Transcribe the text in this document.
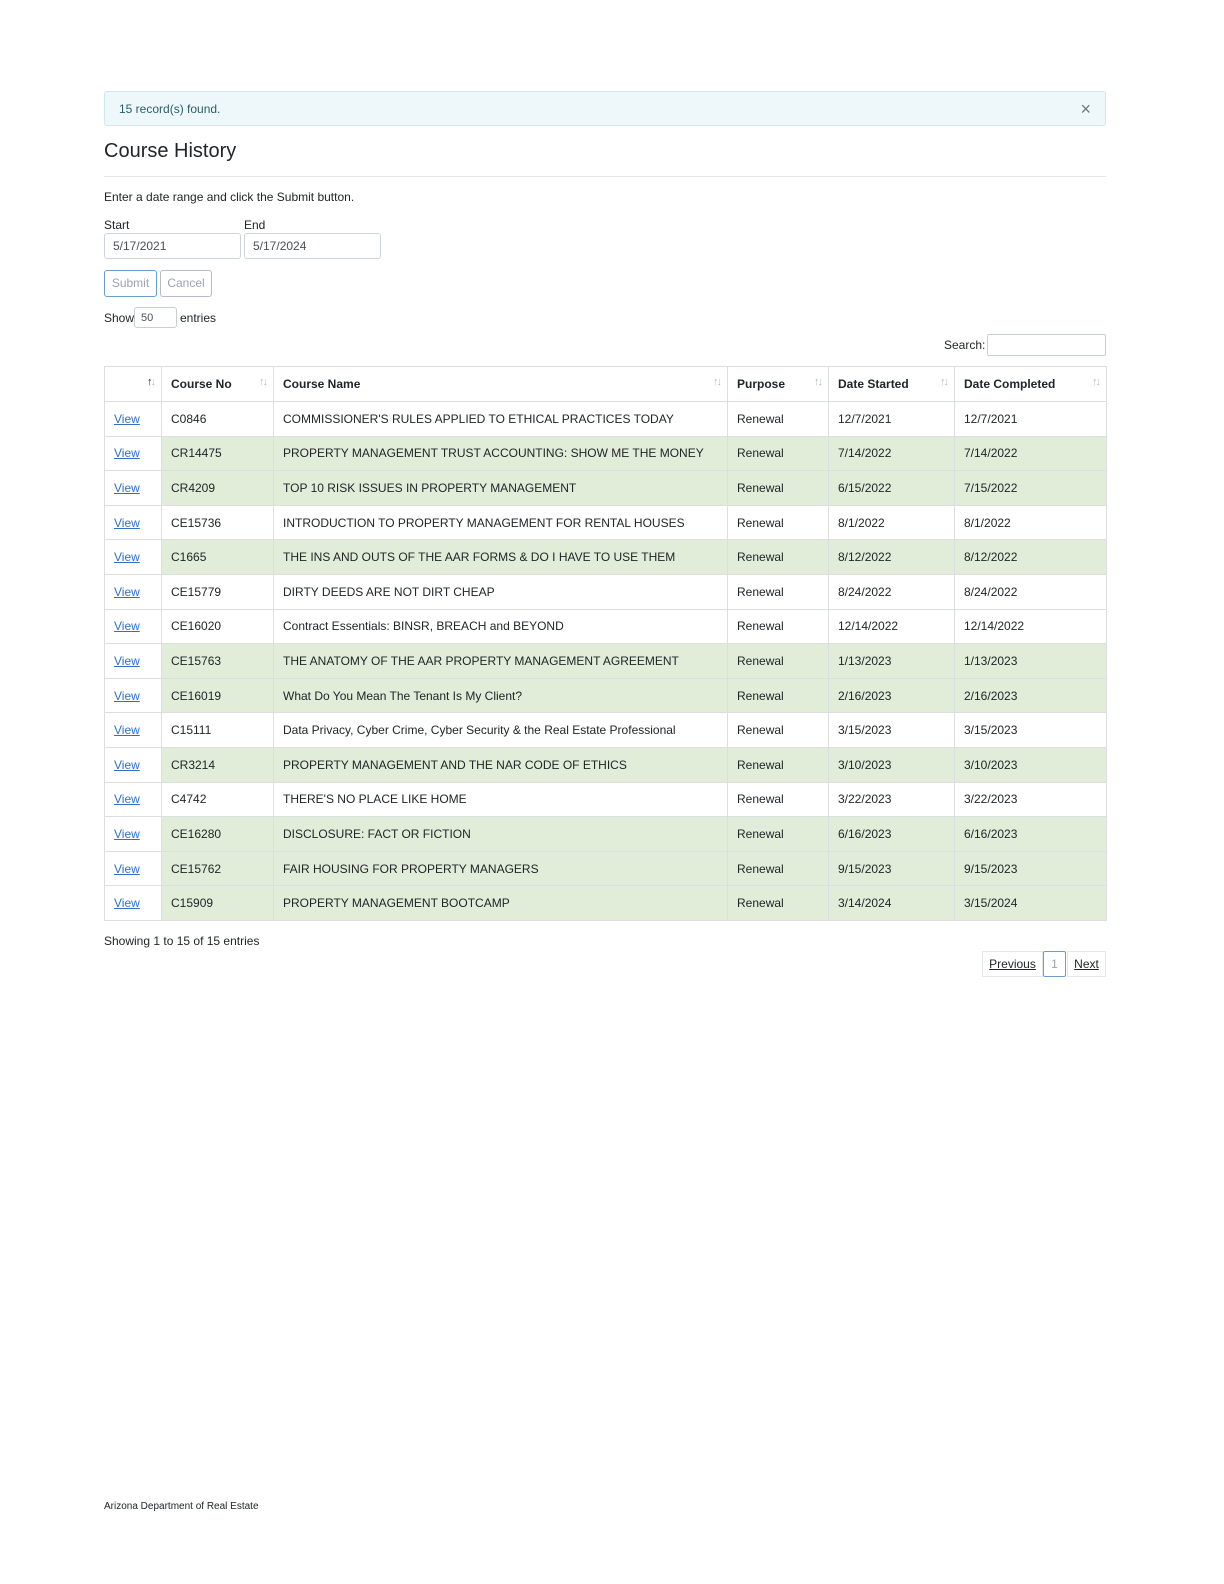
15 record(s) found.	×
Course History
Enter a date range and click the Submit button.
Start	End
5/17/2021	5/17/2024
Submit	Cancel
Show 50	entries
Search:
↑↓	Course No ↑↓	Course Name ↑↓	Purpose ↑↓	Date Started ↑↓	Date Completed ↑↓

View	C0846	COMMISSIONER'S RULES APPLIED TO ETHICAL PRACTICES TODAY	Renewal	12/7/2021	12/7/2021
View	CR14475	PROPERTY MANAGEMENT TRUST ACCOUNTING: SHOW ME THE MONEY	Renewal	7/14/2022	7/14/2022
View	CR4209	TOP 10 RISK ISSUES IN PROPERTY MANAGEMENT	Renewal	6/15/2022	7/15/2022
View	CE15736	INTRODUCTION TO PROPERTY MANAGEMENT FOR RENTAL HOUSES	Renewal	8/1/2022	8/1/2022
View	C1665	THE INS AND OUTS OF THE AAR FORMS & DO I HAVE TO USE THEM	Renewal	8/12/2022	8/12/2022
View	CE15779	DIRTY DEEDS ARE NOT DIRT CHEAP	Renewal	8/24/2022	8/24/2022
View	CE16020	Contract Essentials: BINSR, BREACH and BEYOND	Renewal	12/14/2022	12/14/2022
View	CE15763	THE ANATOMY OF THE AAR PROPERTY MANAGEMENT AGREEMENT	Renewal	1/13/2023	1/13/2023
View	CE16019	What Do You Mean The Tenant Is My Client?	Renewal	2/16/2023	2/16/2023
View	C15111	Data Privacy, Cyber Crime, Cyber Security & the Real Estate Professional	Renewal	3/15/2023	3/15/2023
View	CR3214	PROPERTY MANAGEMENT AND THE NAR CODE OF ETHICS	Renewal	3/10/2023	3/10/2023
View	C4742	THERE'S NO PLACE LIKE HOME	Renewal	3/22/2023	3/22/2023
View	CE16280	DISCLOSURE: FACT OR FICTION	Renewal	6/16/2023	6/16/2023
View	CE15762	FAIR HOUSING FOR PROPERTY MANAGERS	Renewal	9/15/2023	9/15/2023
View	C15909	PROPERTY MANAGEMENT BOOTCAMP	Renewal	3/14/2024	3/15/2024
Showing 1 to 15 of 15 entries
Previous	1	Next
Arizona Department of Real Estate
